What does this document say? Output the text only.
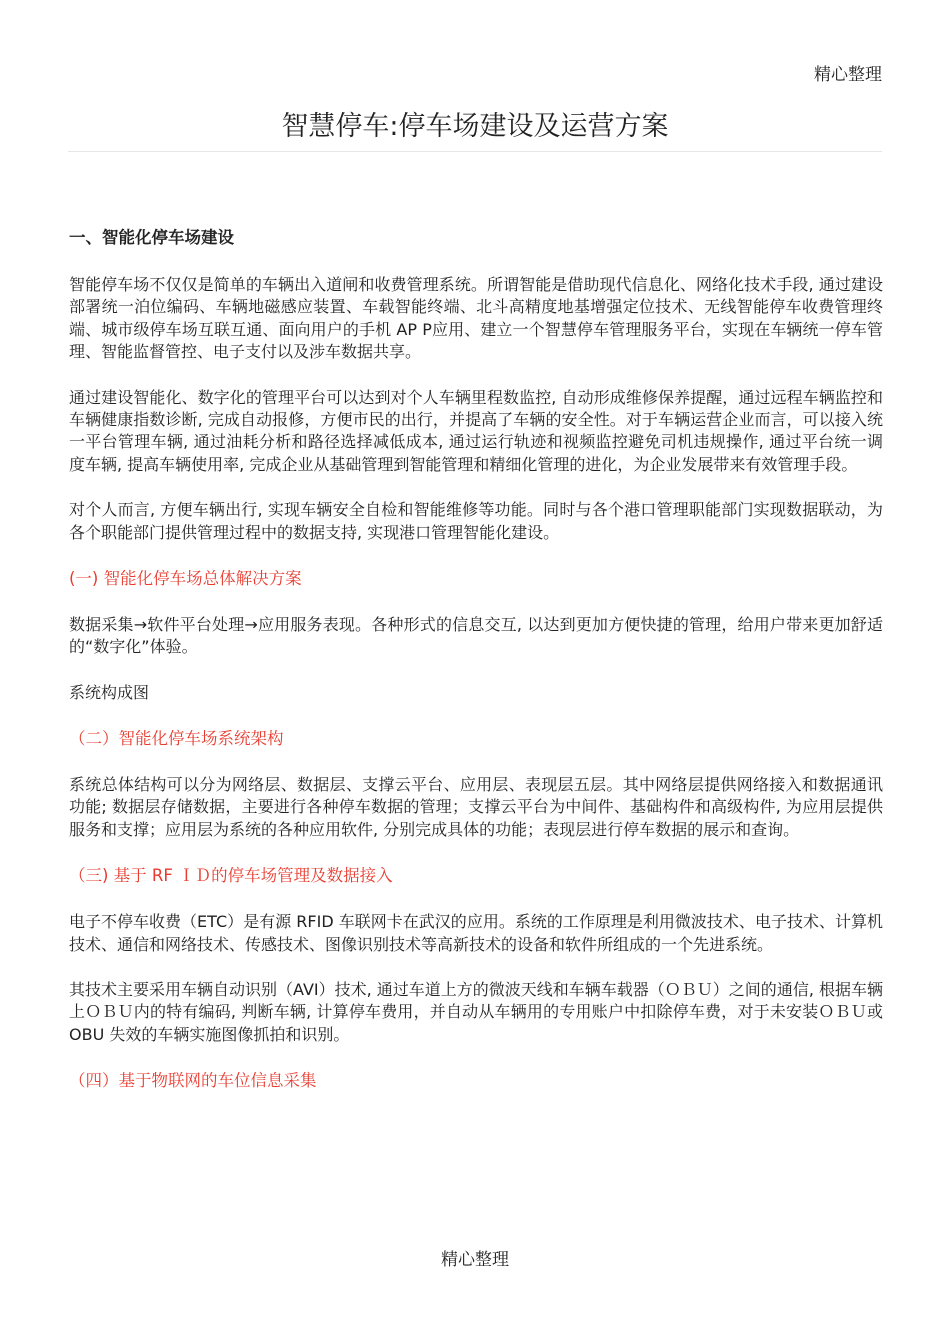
精心整理
智慧停车:停车场建设及运营方案
一、智能化停车场建设

智能停车场不仅仅是简单的车辆出入道闸和收费管理系统。所谓智能是借助现代信息化、网络化技术手段, 通过建设部署统一泊位编码、车辆地磁感应装置、车载智能终端、北斗高精度地基增强定位技术、无线智能停车收费管理终端、城市级停车场互联互通、面向用户的手机 AP P应用、建立一个智慧停车管理服务平台，实现在车辆统一停车管理、智能监督管控、电子支付以及涉车数据共享。

通过建设智能化、数字化的管理平台可以达到对个人车辆里程数监控, 自动形成维修保养提醒，通过远程车辆监控和车辆健康指数诊断, 完成自动报修，方便市民的出行，并提高了车辆的安全性。对于车辆运营企业而言，可以接入统一平台管理车辆, 通过油耗分析和路径选择减低成本, 通过运行轨迹和视频监控避免司机违规操作, 通过平台统一调度车辆, 提高车辆使用率, 完成企业从基础管理到智能管理和精细化管理的进化，为企业发展带来有效管理手段。

对个人而言, 方便车辆出行, 实现车辆安全自检和智能维修等功能。同时与各个港口管理职能部门实现数据联动，为各个职能部门提供管理过程中的数据支持, 实现港口管理智能化建设。

(一) 智能化停车场总体解决方案

数据采集→软件平台处理→应用服务表现。各种形式的信息交互, 以达到更加方便快捷的管理，给用户带来更加舒适的“数字化”体验。

系统构成图
（二）智能化停车场系统架构

系统总体结构可以分为网络层、数据层、支撑云平台、应用层、表现层五层。其中网络层提供网络接入和数据通讯功能; 数据层存储数据，主要进行各种停车数据的管理；支撑云平台为中间件、基础构件和高级构件, 为应用层提供服务和支撑；应用层为系统的各种应用软件, 分别完成具体的功能；表现层进行停车数据的展示和查询。

（三) 基于 RF ＩＤ的停车场管理及数据接入

电子不停车收费（ETC）是有源 RFID 车联网卡在武汉的应用。系统的工作原理是利用微波技术、电子技术、计算机技术、通信和网络技术、传感技术、图像识别技术等高新技术的设备和软件所组成的一个先进系统。

其技术主要采用车辆自动识别（AVI）技术, 通过车道上方的微波天线和车辆车载器（ＯＢＵ）之间的通信, 根据车辆上ＯＢＵ内的特有编码, 判断车辆, 计算停车费用，并自动从车辆用的专用账户中扣除停车费，对于未安装ＯＢＵ或 OBU 失效的车辆实施图像抓拍和识别。

（四）基于物联网的车位信息采集
精心整理
